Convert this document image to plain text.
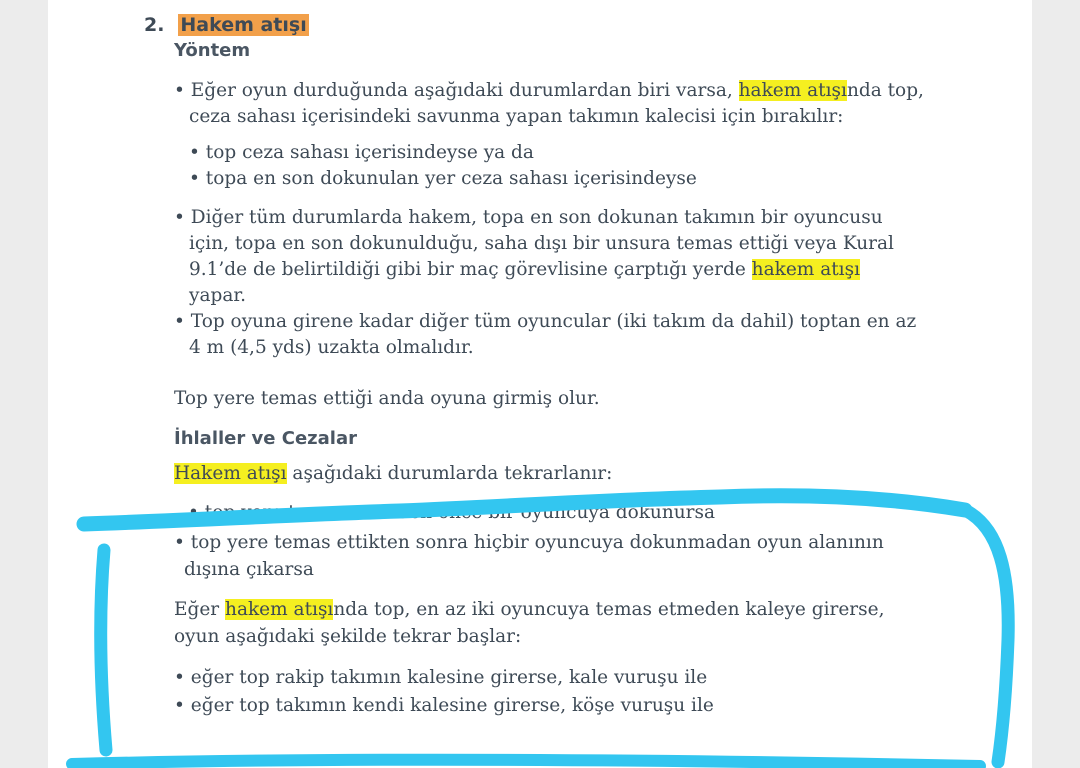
2. Hakem atışı
Yöntem
• Eğer oyun durduğunda aşağıdaki durumlardan biri varsa, hakem atışında top,
ceza sahası içerisindeki savunma yapan takımın kalecisi için bırakılır:
• top ceza sahası içerisindeyse ya da
• topa en son dokunulan yer ceza sahası içerisindeyse
• Diğer tüm durumlarda hakem, topa en son dokunan takımın bir oyuncusu
için, topa en son dokunulduğu, saha dışı bir unsura temas ettiği veya Kural
9.1’de de belirtildiği gibi bir maç görevlisine çarptığı yerde hakem atışı
yapar.
• Top oyuna girene kadar diğer tüm oyuncular (iki takım da dahil) toptan en az
4 m (4,5 yds) uzakta olmalıdır.
Top yere temas ettiği anda oyuna girmiş olur.
İhlaller ve Cezalar
Hakem atışı aşağıdaki durumlarda tekrarlanır:
• top yere temas etmeden önce bir oyuncuya dokunursa
• top yere temas ettikten sonra hiçbir oyuncuya dokunmadan oyun alanının
dışına çıkarsa
Eğer hakem atışında top, en az iki oyuncuya temas etmeden kaleye girerse,
oyun aşağıdaki şekilde tekrar başlar:
• eğer top rakip takımın kalesine girerse, kale vuruşu ile
• eğer top takımın kendi kalesine girerse, köşe vuruşu ile
